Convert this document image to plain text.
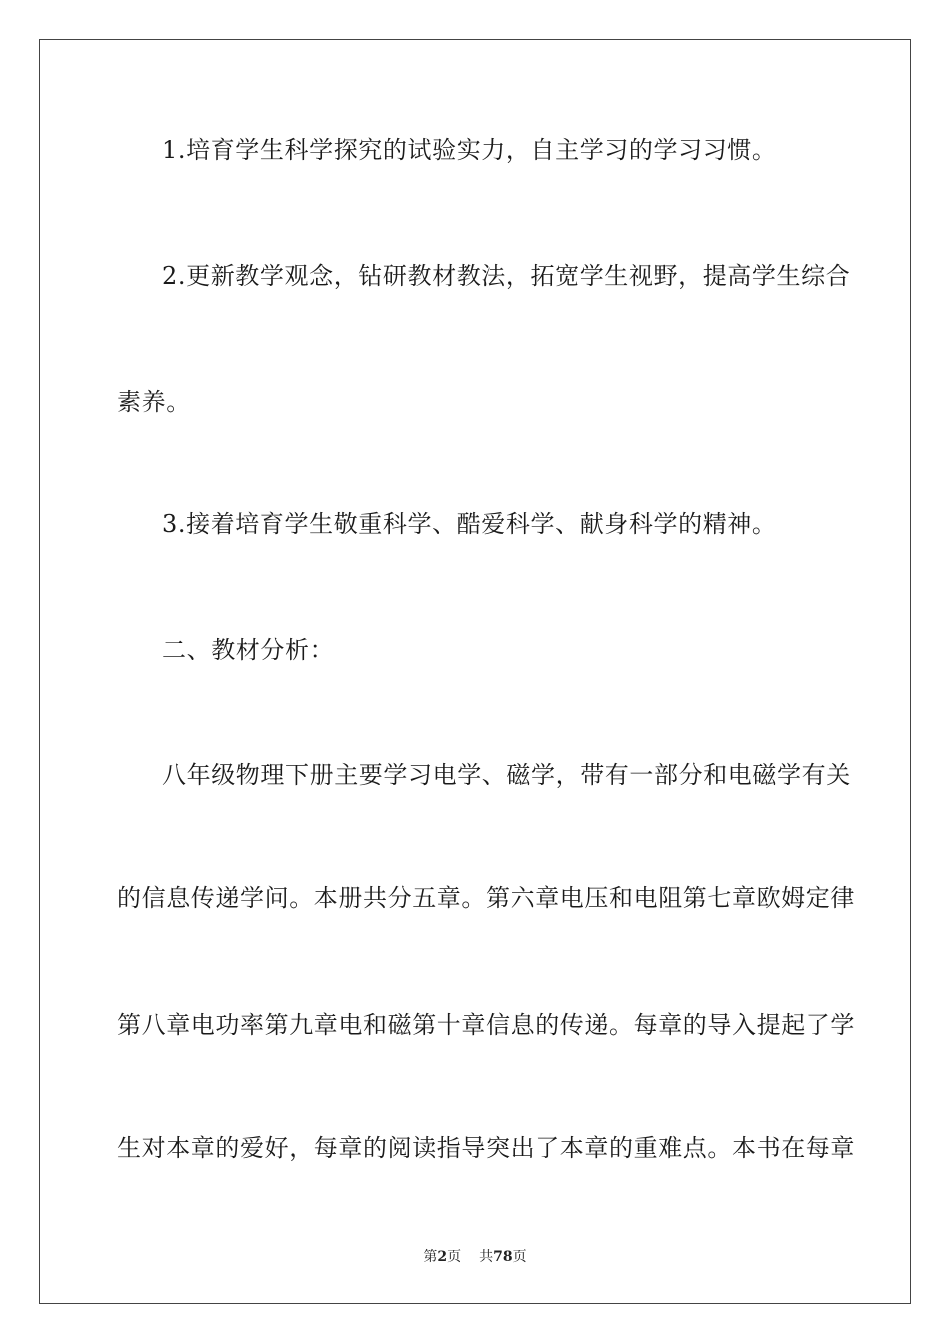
1.培育学生科学探究的试验实力，自主学习的学习习惯。
2.更新教学观念，钻研教材教法，拓宽学生视野，提高学生综合
素养。
3.接着培育学生敬重科学、酷爱科学、献身科学的精神。
二、教材分析：
八年级物理下册主要学习电学、磁学，带有一部分和电磁学有关
的信息传递学问。本册共分五章。第六章电压和电阻第七章欧姆定律
第八章电功率第九章电和磁第十章信息的传递。每章的导入提起了学
生对本章的爱好，每章的阅读指导突出了本章的重难点。本书在每章
第2页 共78页
